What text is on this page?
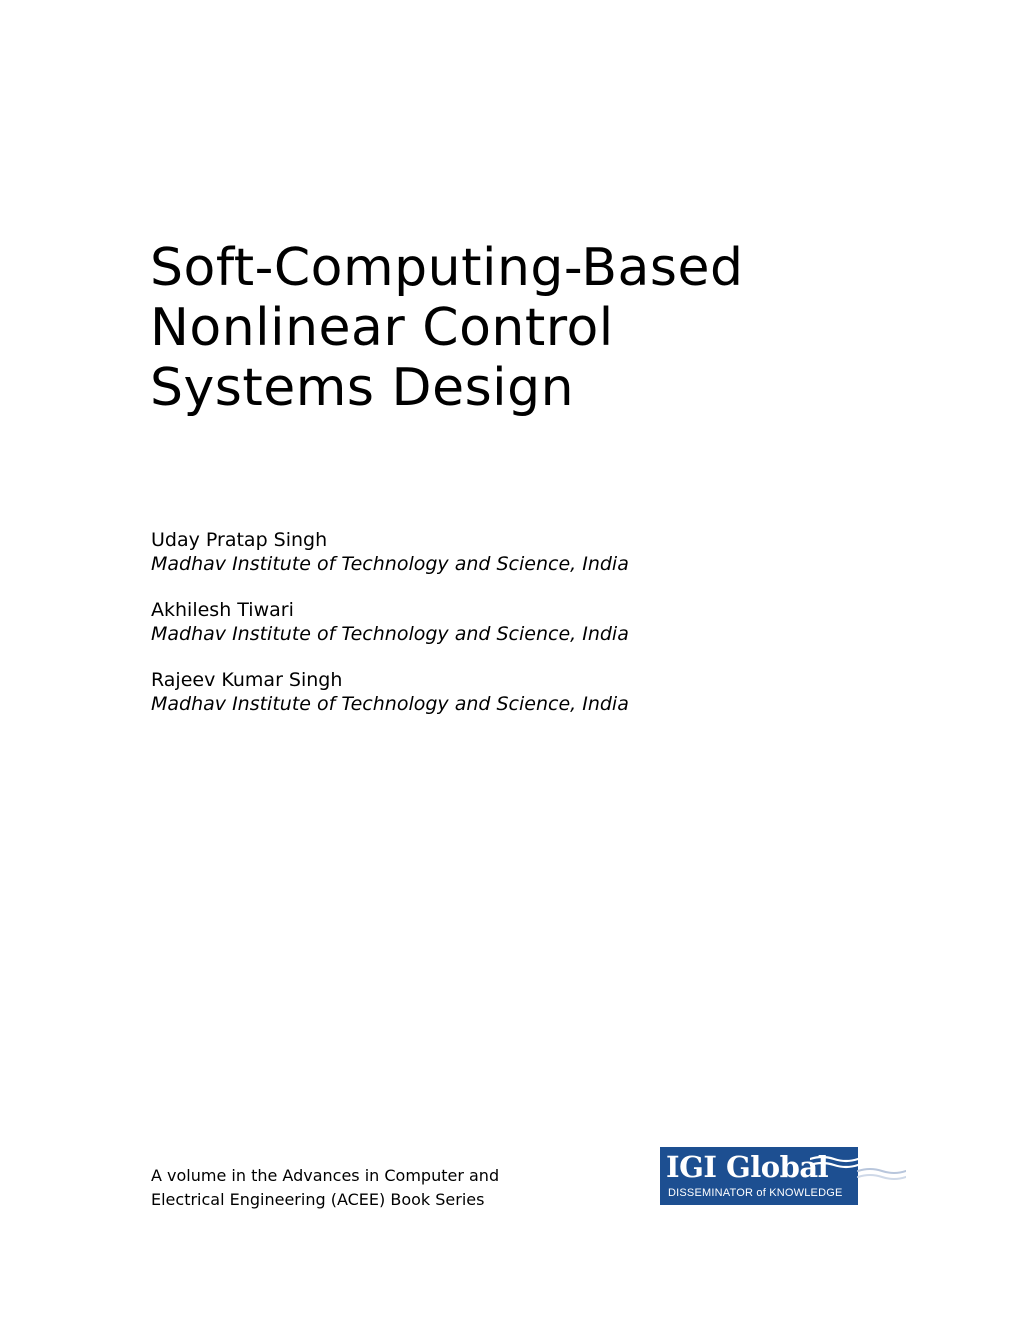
Soft-Computing-Based
Nonlinear Control
Systems Design
Uday Pratap Singh
Madhav Institute of Technology and Science, India
Akhilesh Tiwari
Madhav Institute of Technology and Science, India
Rajeev Kumar Singh
Madhav Institute of Technology and Science, India
A volume in the Advances in Computer and
Electrical Engineering (ACEE) Book Series
IGI Global
DISSEMINATOR of KNOWLEDGE
